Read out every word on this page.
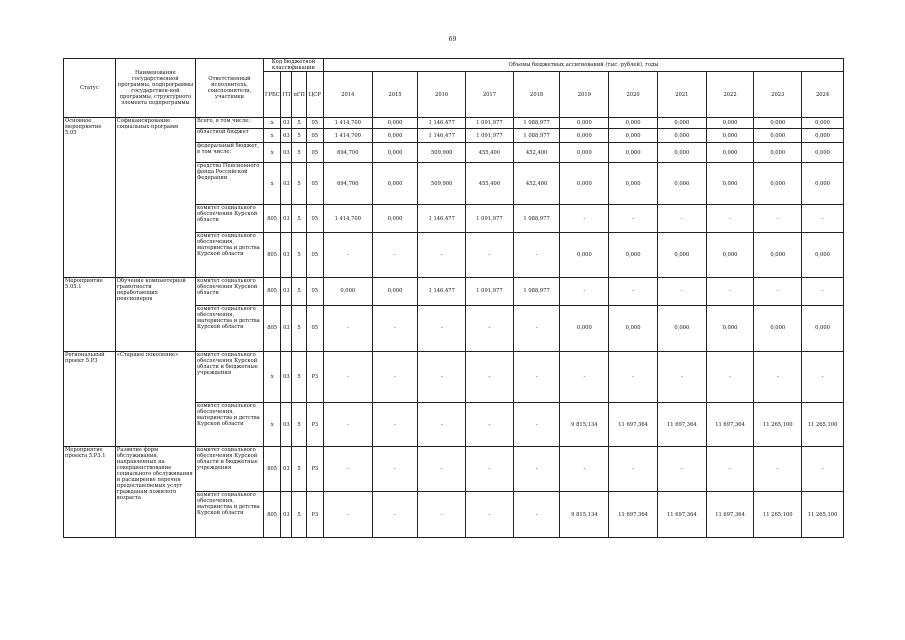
69
Статус	Наименование государственной программы, подпрограммы государствен-ной программы, структурного элемента подпрограммы	Ответственный исполнитель, соисполнители, участники	Код бюджетной классификации				Объемы бюджетных ассигнований (тыс. рублей), годы										
			ГРБС	ГП	пГП	ЦСР	2014	2015	2016	2017	2018	2019	2020	2021	2022	2023	2024
Основное мероприятие 5.05	Софинансирование социальных программ	Всего, в том числе:	x	03	5	05	1 414,700	0,000	1 146,477	1 091,977	1 088,977	0,000	0,000	0,000	0,000	0,000	0,000
		областной бюджет	x	03	5	05	1 414,700	0,000	1 146,477	1 091,977	1 088,977	0,000	0,000	0,000	0,000	0,000	0,000
		федеральный бюджет, в том числе:	x	03	5	05	694,700	0,000	509,900	455,400	452,400	0,000	0,000	0,000	0,000	0,000	0,000
		средства Пенсионного фонда Российской Федерации	x	03	5	05	694,700	0,000	509,900	455,400	452,400	0,000	0,000	0,000	0,000	0,000	0,000
		комитет социального обеспечения Курской области	805	03	5	05	1 414,700	0,000	1 146,477	1 091,977	1 088,977	-	-	-	-	-	-
		комитет социального обеспечения, материнства и детства Курской области	805	03	5	05	-	-	-	-	-	0,000	0,000	0,000	0,000	0,000	0,000
Мероприятие 5.05.1	Обучение компьютерной грамотности неработающих пенсионеров	комитет социального обеспечения Курской области	805	03	5	05	0,000	0,000	1 146,477	1 091,977	1 088,977	-	-	-	-	-	-
		комитет социального обеспечения, материнства и детства Курской области	805	03	5	05	-	-	-	-	-	0,000	0,000	0,000	0,000	0,000	0,000
Региональный проект 5.Р3	«Старшее поколение»	комитет социального обеспечения Курской области и бюджетные учреждения	x	03	5	Р3	-	-	-	-	-	-	-	-	-	-	-
		комитет социального обеспечения, материнства и детства Курской области	x	03	5	Р3	-	-	-	-	-	9 815,134	11 697,364	11 697,364	11 697,364	11 265,100	11 265,100
Мероприятие проекта 5.Р3.1	Развитие форм обслуживания, направленных на совершенствование социального обслуживания и расширение перечня предоставляемых услуг гражданам пожилого возраста	комитет социального обеспечения Курской области и бюджетные учреждения	805	03	5	Р3	-	-	-	-	-	-	-	-	-	-	-
		комитет социального обеспечения, материнства и детства Курской области	805	03	5	Р3	-	-	-	-	-	9 815,134	11 697,364	11 697,364	11 697,364	11 265,100	11 265,100
